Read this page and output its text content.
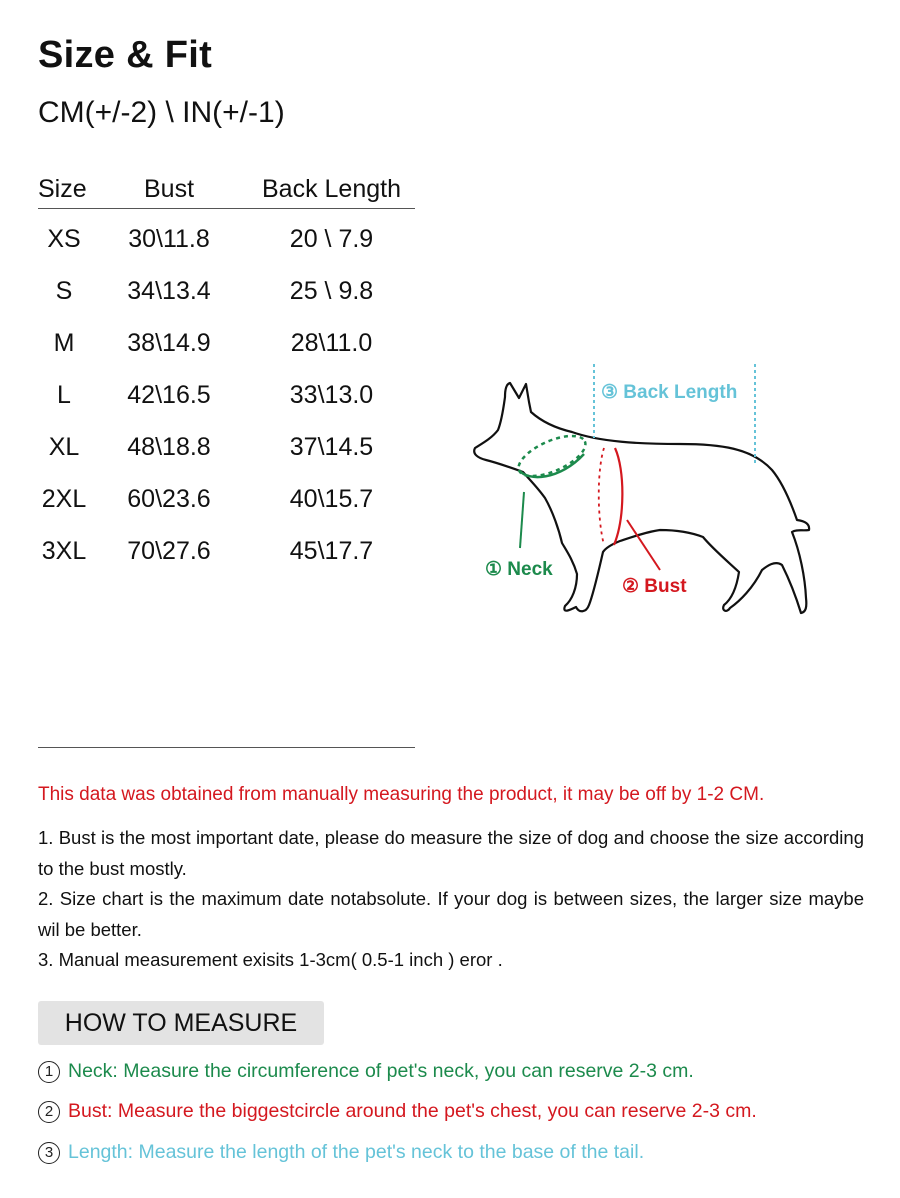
Size & Fit
CM(+/-2) \ IN(+/-1)
Size	Bust	Back Length
XS	30\11.8	20 \ 7.9
S	34\13.4	25 \ 9.8
M	38\14.9	28\11.0
L	42\16.5	33\13.0
XL	48\18.8	37\14.5
2XL	60\23.6	40\15.7
3XL	70\27.6	45\17.7
① Neck
② Bust
③ Back Length
This data was obtained from manually measuring the product, it may be off by 1-2 CM.

1. Bust is the most important date, please do measure the size of dog and choose the size according to the bust mostly.

2. Size chart is the maximum date notabsolute. If your dog is between sizes, the larger size maybe wil be better.

3. Manual measurement exisits 1-3cm( 0.5-1 inch ) eror .

HOW TO MEASURE
1 Neck: Measure the circumference of pet's neck, you can reserve 2-3 cm.
2 Bust: Measure the biggestcircle around the pet's chest, you can reserve 2-3 cm.
3 Length: Measure the length of the pet's neck to the base of the tail.
